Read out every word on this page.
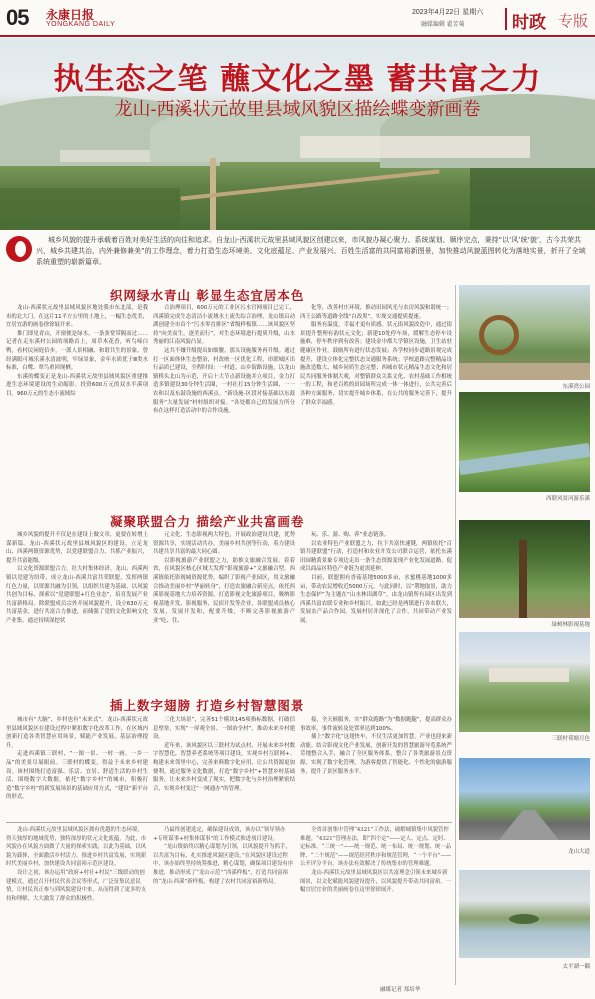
05 永康日报
YONGKANG DAILY
2023年4月22日 星期六
融媒编辑 翟芳菊	时政 专版
执生态之笔 蘸文化之墨 蓄共富之力
龙山-西溪状元故里县域风貌区描绘蝶变新画卷

城乡风貌的提升承载着百姓对美好生活的向往和追求。自龙山-西溪状元故里县域风貌区创建以来，市风貌办凝心聚力、系统谋划、顺序完点，秉持“以‘风’统‘貌’，古今共荣共兴，城乡共建共治，内外兼修兼美”的工作理念，着力打造生态环境美、文化底蕴足、产业发展兴、百姓生活富的共同富裕新图景，加快推动风貌蓝图转化为落地实景，折开了全域系统重塑的崭新篇章。

织网绿水青山 彰显生态宜居本色

龙山-西溪状元故里县域风貌区地处我市东北部，是我市的北大门。在这片11平方公里的土地上，一幅生态优美、宜居宜游的画卷徐徐展开来。

推门即见青山，开窗便是绿水。一条条宽带隔而过……记者在走东溪村公园的项路首上，周草木花香，听鸟啼白鸭，看村民闲庭信步，一派人景相融、和谐共生的景象。曾经满眼可城乐溪水清波明，牢绿景象，金年水质优于Ⅲ类水标准，白鹭、翠鸟重回现栖。

东溪的蝶变正是龙山-西溪状元故里县域风貌区重建推进生态环境建设的生动缩影。投资600万元的双水半溪项目，960万元的生态小流域综

合治理项目，600万元的工业区污水官网项目已完工，西溪镇完成生态清洁小流域水土流失综合治理，龙山镇启动湖创建全市首个“污水零直排区”省级样板镇……该风貌区坚持“向美而生，逐美而行”，对生态环境进行提质升级，山水秀丽的江南风貌凸显。

这共不嫌升级提出如细腰，那头设施服务再升级。通过打一区面体休生态整治，村改统一区优化工程，串联城区出行品质已建设，全程时间：一村道、山乡街路设施，以龙山镇桥头北山为示范，开启十大节点新设施并立项目，金力打造多镇建设30分钟生活圈，一村社打15分钟生活圈，一一农和以及东鼓设施的西溪点。“新设施-区段对接基础以东鼓服务“大量发展”村村组织对接。“各处都自己的发展力所分布在这样打造活动中的合作设施。

化等，改善村庄环境，推动田园风光与农房风貌和谐统一；西王公路等道路全线“白改黑”，实现交通提质提速。

服务有温度，幸福才更有质感。状元街风貌改造中，通过街景提升整理有韵状元文化；新建10处停车场，缓解生态停车设施难，停车秩序到有改善；建设金中都大学镇区设施，卫生站驻健康区作业，鼓励所有进行状态发展；各学校同步道路景观完成提升，建设立体化完整状态交通服务系统；学校道路完整精品设施改造数大、城乡同质生态完整；西城市状元精品生态文化和居民共同服务体制大观，对整镇群众关系文化、农村基础工作相统一的工程，和老百姓的田园场所完成一体一体进行，公共完善后各种方面服务，切实提升城乡体系，在公共的服务完善下，提升了群众幸福感。

凝聚联盟合力 描绘产业共富画卷

城乡风貌的提升不仅是在建设上做文章，更要在转增上谋新篇。龙山-西溪状元故里县域风貌区的建设，立足龙山、西溪两镇资源优势，以党建联盟合力，共抓产业振兴，提升共富能级。

以文化资源联盟合力，壮大村集体经济。龙山、西溪两镇以党建为纽带，成立龙山-西溪共富共荣联盟，发挥两镇红色力量，以资源共融为引领，以组织共建为基础，以风貌共创为目标，探索以“党建联盟+红色业态”，培育发展产业共富新格局。除联盟成员宗外开展风貌提升，设立630万元共富基金，进行共富合力推进，而储强了党的文化影响文化产业集，通过持续深挖状

元文化、生态影视两大特色，开展政治建设共建，优势资源共享，实现活动共办，美丽乡村共创等行动，着力建设共建共享共富的最大同心圆。

以影视旅游产业联盟之力，助推文旅融合发展。着着省，在风貌区核心区域大发挥“影视旅游+”文旅融合型，西溪镇依托影视城资源优势，编织了影视产业园区，用文旅融合推动美丽乡村“华丽转身”，打造农旅融合新亮点，依托西溪影视基地大力培养资源，打造影视文化旅游项目，吸纳影视基地开发、影视服务、民宿开发等企业，各联盟成员核心发展，发展开发和，配要升级，不断完善影视旅游产业“吃、住、

玩、乐、游、购、养”业态链条。

以农业特色产业联盟之力，拉下共富快速键，两镇依托“百镇共建联盟”行动，打造村和农业开发公司联合运营，依托东溪田园精黄景象专项边走出一条生态资源变现产业化发展道路，促成以商品区特色产业链为更需延伸。

目前，联盟拥有香菇基地5000多亩，水蜜桃基地1000多亩，带动农民增收近5000万元。与此同时，以“荆地取景，助力生态保护”为主题在“山水林田湖草”，由龙山镇所有园区出发到西溪共富农联专业和乡村振兴。如此已经是两镇进行各农联大，发展农产品合作园，发展村居并深化了合作，共同带动产业发展。

插上数字翅膀 打造乡村智慧图景

城市有“大脑”，乡村也有“未来式”。龙山-西溪状元故里县域风貌区在建设过程中紧扣数字化改革工作，在区域内创新打造各类智慧应用场景，赋能产业发展、基层治理提升。

走进西溪镇三联村，“一图一景、一村一画，一乡一品”的美景尽展眼前。三联村的蝶变，得益于未来乡村建设。该村围绕打造富强、乐活、宜居、舒适生活的乡村生活，围绕数字大数据，依托“数字乡村”的城市，积极打造“数字乡村”的新发展场景的基础应用方式，“建设”新平台的形式。

三化大场景”，完善51个模块145项指标数据，打破信息壁垒，实现“一屏观全景、一图治全村”，推动未来乡村建设。

近年来，该风貌区以三联村为试点村，开展未来乡村数字智慧化，智慧养老系统等项目建设，实现乡村互联网+。构建未来邻里中心，完善来料数字化应用，让公共资源更加便利，通过服务文化数据，打造“数字乡村”+智慧乡村基础服务，让未来乡村变成了现实，把数字化与乡村治理紧密结合，实现乡村变迁“一网通办”的管理。

接，全天候服务，实“群众跑路”为“数据跑腿”，提高群众办事效率，事件流转及处置率达到100%。

插上“数字化”这翅快车，不仅生活更加智慧，产业也迎来新动能。结合影视文化产业发展，创新开发的智慧旅游导览系统严苛地整合入手，融合了全区服务体系，整合了各类旅游景点资源，实现了数字化管理，为游客提供了智能化、个性化的旅游服务，提升了景区服务水平。

龙山-西溪状元故里县域风貌区拥有优越的生态环境，得天独厚的地域优势，独特深厚的状元文化底蕴，为此，市风貌办在风貌方面做了大量的探索实践，以此为基础，以风貌为载体，全面激活乡村活力，推进乡村共富发展，实现新时代美丽乡村，加快建设共同富裕示范区建设。

设计之初，该办运用“政府+村社+村民”三级联动的创建模式，通过召开村民代表会议等形式，广泛征集民意民情，让村民真正参与到风貌建设中来，从而得到了更多的支持和理解，大大激发了群众的积极性。

乃最终创建选定，确保建设成效，该办以“领导领办+专班谋事+村集体谋事”的工作模式推进项目建设。

“龙山镇始终以精心谋划为引领，以风貌提升为抓手，以共富为目标，扎实推进风貌区建设。”在风貌区建设过程中，该办始终坚持统筹推进，精心谋划，确保项目建设有序推进，推动形成了“龙山示范”“西溪样板”，打造共同富裕的“龙山-西溪”新样板，构建了农村共同富裕新格局。

全省首创集中管理“4321”工作法，破解城镇集中风貌管控难题。“4321”管理办法，即“四个定”——定人、定点、定时、定标准，“三统一”——统一规范、统一布局、统一规划、统一品牌、“二个规范”——规范经营秩序和规范管理，“一个平台”——公开评分平台。该办法有效解决了传统集市的管理难题。

龙山-西溪状元故里县域风貌区以共富理念引领未来城乡新图景，以文化赋能风貌建设提升，以风貌提升带动共同富裕，一幅宜居宜业的美丽画卷在这里徐徐展开。

融媒记者 郑培华
东溪湾公园
西联风景河游乐溪
绿树林影视基地
三联村荷塘月色
龙山大道
太平湖一隅
